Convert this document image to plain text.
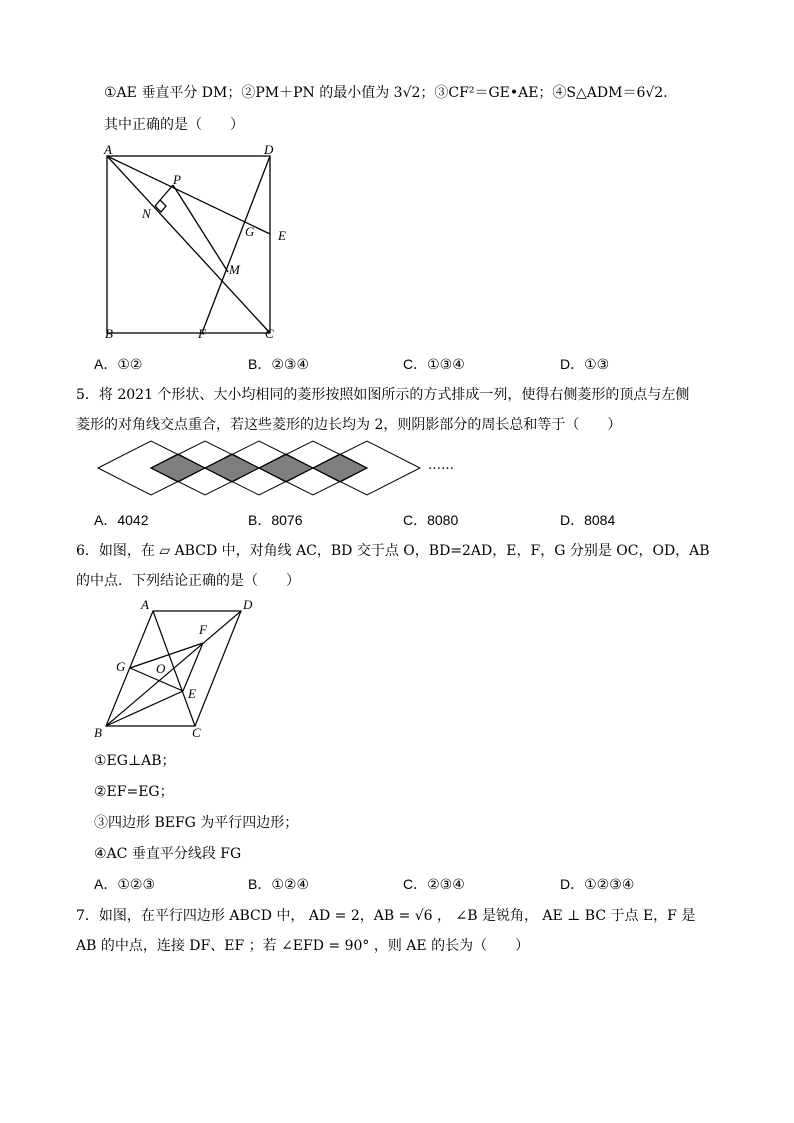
①AE 垂直平分 DM；②PM＋PN 的最小值为 3√2；③CF²＝GE•AE；④S△ADM＝6√2．
其中正确的是（　　）
A	D
P
N
G E
M
B	F	C
A．①②	B．②③④	C．①③④	D．①③
5．将 2021 个形状、大小均相同的菱形按照如图所示的方式排成一列，使得右侧菱形的顶点与左侧
菱形的对角线交点重合，若这些菱形的边长均为 2，则阴影部分的周长总和等于（　　）
……
A．4042	B．8076	C．8080	D．8084
6．如图，在 ▱ ABCD 中，对角线 AC，BD 交于点 O，BD=2AD，E，F，G 分别是 OC，OD，AB
的中点．下列结论正确的是（　　）
A	D
F
G O
E
B	C
①EG⊥AB；
②EF=EG；
③四边形 BEFG 为平行四边形；
④AC 垂直平分线段 FG
A．①②③	B．①②④	C．②③④	D．①②③④
7．如图，在平行四边形 ABCD 中， AD = 2，AB = √6 ， ∠B 是锐角， AE ⊥ BC 于点 E，F 是
AB 的中点，连接 DF、EF ；若 ∠EFD = 90° ，则 AE 的长为（　　）
